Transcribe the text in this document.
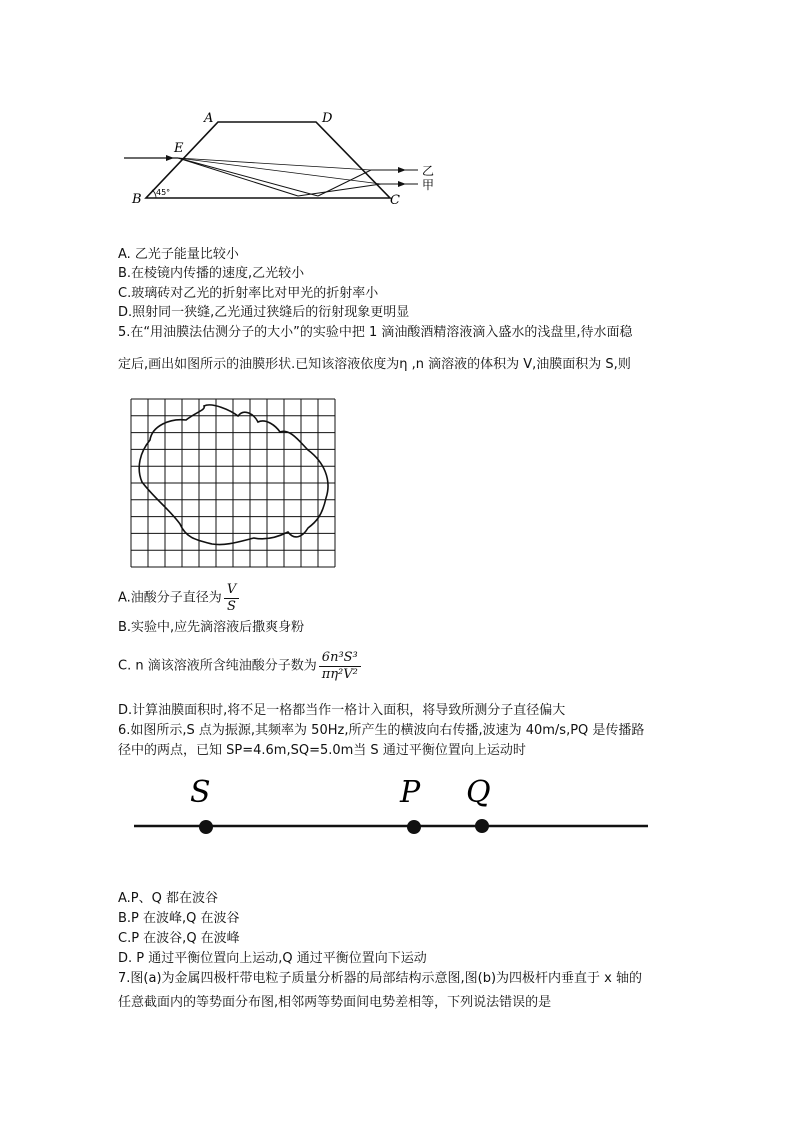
A	D
E
B	C
45°
乙
甲
A. 乙光子能量比较小
B.在棱镜内传播的速度,乙光较小
C.玻璃砖对乙光的折射率比对甲光的折射率小
D.照射同一狭缝,乙光通过狭缝后的衍射现象更明显
5.在“用油膜法估测分子的大小”的实验中把 1 滴油酸酒精溶液滴入盛水的浅盘里,待水面稳
定后,画出如图所示的油膜形状.已知该溶液依度为η ,n 滴溶液的体积为 V,油膜面积为 S,则
A.油酸分子直径为 $\frac{V}{S}$
B.实验中,应先滴溶液后撒爽身粉
C. n 滴该溶液所含纯油酸分子数为 $\frac{\text{6n³S³}}{\text{πη²V²}}$
D.计算油膜面积时,将不足一格都当作一格计入面积，将导致所测分子直径偏大
6.如图所示,S 点为振源,其频率为 50Hz,所产生的横波向右传播,波速为 40m/s,PQ 是传播路
径中的两点，已知 SP=4.6m,SQ=5.0m当 S 通过平衡位置向上运动时
S	P Q
A.P、Q 都在波谷
B.P 在波峰,Q 在波谷
C.P 在波谷,Q 在波峰
D. P 通过平衡位置向上运动,Q 通过平衡位置向下运动
7.图(a)为金属四极杆带电粒子质量分析器的局部结构示意图,图(b)为四极杆内垂直于 x 轴的
任意截面内的等势面分布图,相邻两等势面间电势差相等，下列说法错误的是
